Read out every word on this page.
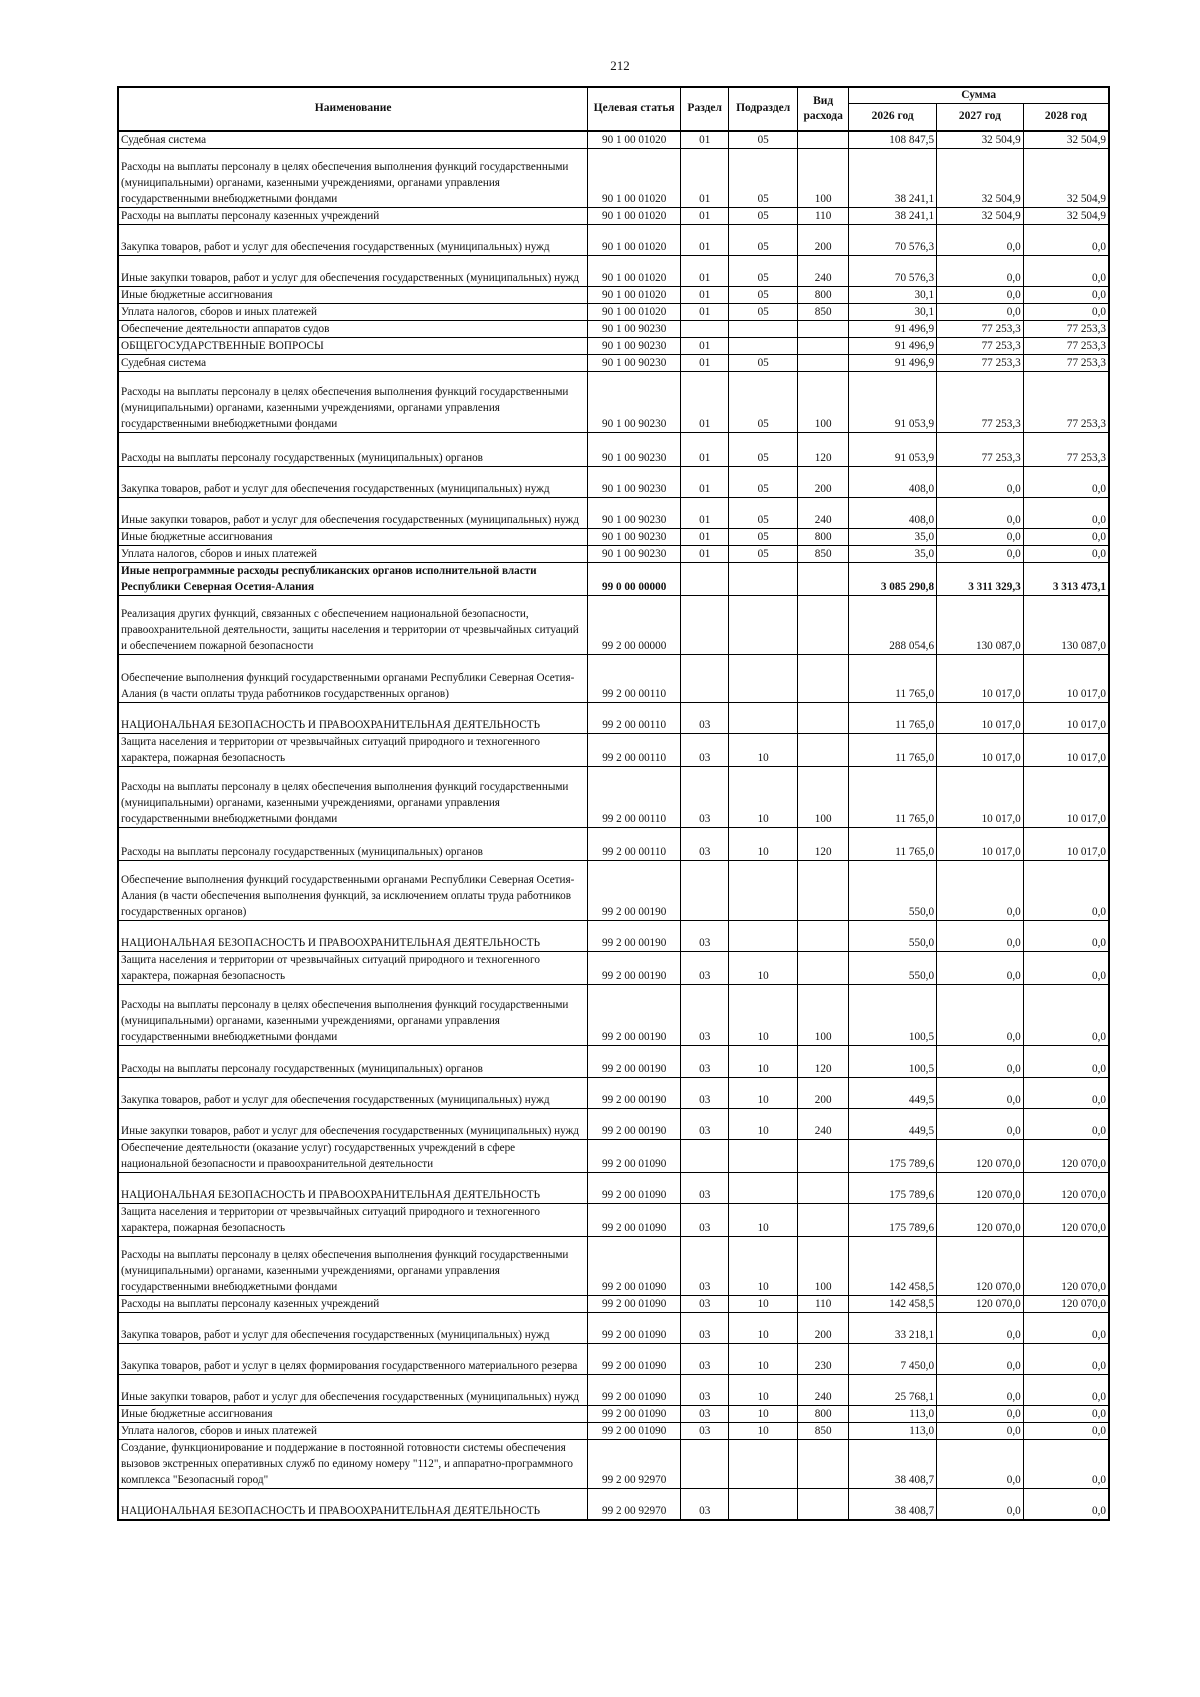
212
Наименование	Целевая статья	Раздел	Подраздел	Вид расхода	Сумма		
					2026 год	2027 год	2028 год
Судебная система	90 1 00 01020	01	05		108 847,5	32 504,9	32 504,9
Расходы на выплаты персоналу в целях обеспечения выполнения функций государственными (муниципальными) органами, казенными учреждениями, органами управления государственными внебюджетными фондами	90 1 00 01020	01	05	100	38 241,1	32 504,9	32 504,9
Расходы на выплаты персоналу казенных учреждений	90 1 00 01020	01	05	110	38 241,1	32 504,9	32 504,9
Закупка товаров, работ и услуг для обеспечения государственных (муниципальных) нужд	90 1 00 01020	01	05	200	70 576,3	0,0	0,0
Иные закупки товаров, работ и услуг для обеспечения государственных (муниципальных) нужд	90 1 00 01020	01	05	240	70 576,3	0,0	0,0
Иные бюджетные ассигнования	90 1 00 01020	01	05	800	30,1	0,0	0,0
Уплата налогов, сборов и иных платежей	90 1 00 01020	01	05	850	30,1	0,0	0,0
Обеспечение деятельности аппаратов судов	90 1 00 90230				91 496,9	77 253,3	77 253,3
ОБЩЕГОСУДАРСТВЕННЫЕ ВОПРОСЫ	90 1 00 90230	01			91 496,9	77 253,3	77 253,3
Судебная система	90 1 00 90230	01	05		91 496,9	77 253,3	77 253,3
Расходы на выплаты персоналу в целях обеспечения выполнения функций государственными (муниципальными) органами, казенными учреждениями, органами управления государственными внебюджетными фондами	90 1 00 90230	01	05	100	91 053,9	77 253,3	77 253,3
Расходы на выплаты персоналу государственных (муниципальных) органов	90 1 00 90230	01	05	120	91 053,9	77 253,3	77 253,3
Закупка товаров, работ и услуг для обеспечения государственных (муниципальных) нужд	90 1 00 90230	01	05	200	408,0	0,0	0,0
Иные закупки товаров, работ и услуг для обеспечения государственных (муниципальных) нужд	90 1 00 90230	01	05	240	408,0	0,0	0,0
Иные бюджетные ассигнования	90 1 00 90230	01	05	800	35,0	0,0	0,0
Уплата налогов, сборов и иных платежей	90 1 00 90230	01	05	850	35,0	0,0	0,0
Иные непрограммные расходы республиканских органов исполнительной власти Республики Северная Осетия-Алания	99 0 00 00000				3 085 290,8	3 311 329,3	3 313 473,1
Реализация других функций, связанных с обеспечением национальной безопасности, правоохранительной деятельности, защиты населения и территории от чрезвычайных ситуаций и обеспечением пожарной безопасности	99 2 00 00000				288 054,6	130 087,0	130 087,0
Обеспечение выполнения функций государственными органами Республики Северная Осетия-Алания (в части оплаты труда работников государственных органов)	99 2 00 00110				11 765,0	10 017,0	10 017,0
НАЦИОНАЛЬНАЯ БЕЗОПАСНОСТЬ И ПРАВООХРАНИТЕЛЬНАЯ ДЕЯТЕЛЬНОСТЬ	99 2 00 00110	03			11 765,0	10 017,0	10 017,0
Защита населения и территории от чрезвычайных ситуаций природного и техногенного характера, пожарная безопасность	99 2 00 00110	03	10		11 765,0	10 017,0	10 017,0
Расходы на выплаты персоналу в целях обеспечения выполнения функций государственными (муниципальными) органами, казенными учреждениями, органами управления государственными внебюджетными фондами	99 2 00 00110	03	10	100	11 765,0	10 017,0	10 017,0
Расходы на выплаты персоналу государственных (муниципальных) органов	99 2 00 00110	03	10	120	11 765,0	10 017,0	10 017,0
Обеспечение выполнения функций государственными органами Республики Северная Осетия-Алания (в части обеспечения выполнения функций, за исключением оплаты труда работников государственных органов)	99 2 00 00190				550,0	0,0	0,0
НАЦИОНАЛЬНАЯ БЕЗОПАСНОСТЬ И ПРАВООХРАНИТЕЛЬНАЯ ДЕЯТЕЛЬНОСТЬ	99 2 00 00190	03			550,0	0,0	0,0
Защита населения и территории от чрезвычайных ситуаций природного и техногенного характера, пожарная безопасность	99 2 00 00190	03	10		550,0	0,0	0,0
Расходы на выплаты персоналу в целях обеспечения выполнения функций государственными (муниципальными) органами, казенными учреждениями, органами управления государственными внебюджетными фондами	99 2 00 00190	03	10	100	100,5	0,0	0,0
Расходы на выплаты персоналу государственных (муниципальных) органов	99 2 00 00190	03	10	120	100,5	0,0	0,0
Закупка товаров, работ и услуг для обеспечения государственных (муниципальных) нужд	99 2 00 00190	03	10	200	449,5	0,0	0,0
Иные закупки товаров, работ и услуг для обеспечения государственных (муниципальных) нужд	99 2 00 00190	03	10	240	449,5	0,0	0,0
Обеспечение деятельности (оказание услуг) государственных учреждений в сфере национальной безопасности и правоохранительной деятельности	99 2 00 01090				175 789,6	120 070,0	120 070,0
НАЦИОНАЛЬНАЯ БЕЗОПАСНОСТЬ И ПРАВООХРАНИТЕЛЬНАЯ ДЕЯТЕЛЬНОСТЬ	99 2 00 01090	03			175 789,6	120 070,0	120 070,0
Защита населения и территории от чрезвычайных ситуаций природного и техногенного характера, пожарная безопасность	99 2 00 01090	03	10		175 789,6	120 070,0	120 070,0
Расходы на выплаты персоналу в целях обеспечения выполнения функций государственными (муниципальными) органами, казенными учреждениями, органами управления государственными внебюджетными фондами	99 2 00 01090	03	10	100	142 458,5	120 070,0	120 070,0
Расходы на выплаты персоналу казенных учреждений	99 2 00 01090	03	10	110	142 458,5	120 070,0	120 070,0
Закупка товаров, работ и услуг для обеспечения государственных (муниципальных) нужд	99 2 00 01090	03	10	200	33 218,1	0,0	0,0
Закупка товаров, работ и услуг в целях формирования государственного материального резерва	99 2 00 01090	03	10	230	7 450,0	0,0	0,0
Иные закупки товаров, работ и услуг для обеспечения государственных (муниципальных) нужд	99 2 00 01090	03	10	240	25 768,1	0,0	0,0
Иные бюджетные ассигнования	99 2 00 01090	03	10	800	113,0	0,0	0,0
Уплата налогов, сборов и иных платежей	99 2 00 01090	03	10	850	113,0	0,0	0,0
Создание, функционирование и поддержание в постоянной готовности системы обеспечения вызовов экстренных оперативных служб по единому номеру "112", и аппаратно-программного комплекса "Безопасный город"	99 2 00 92970				38 408,7	0,0	0,0
НАЦИОНАЛЬНАЯ БЕЗОПАСНОСТЬ И ПРАВООХРАНИТЕЛЬНАЯ ДЕЯТЕЛЬНОСТЬ	99 2 00 92970	03			38 408,7	0,0	0,0
